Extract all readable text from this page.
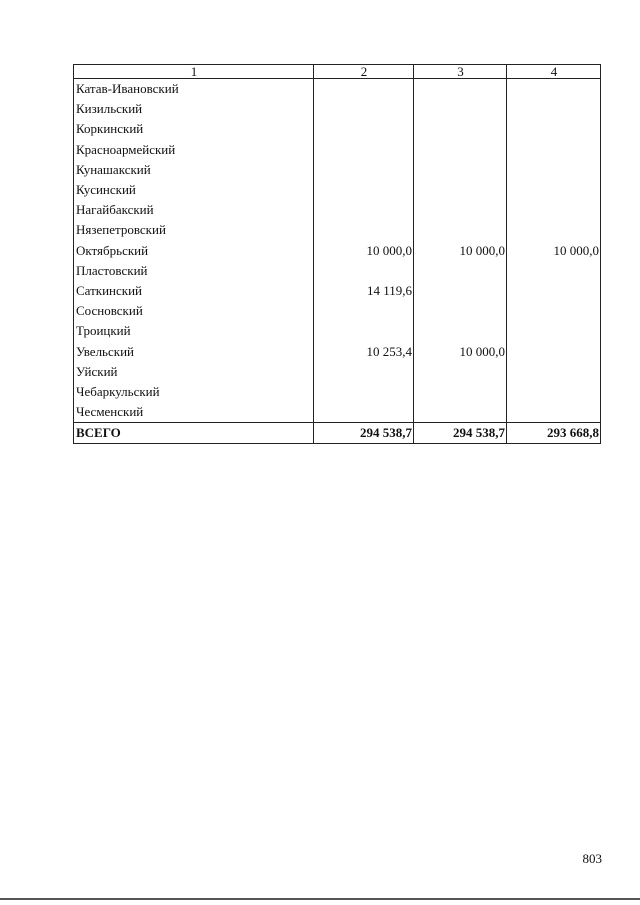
1	2	3	4
Катав-Ивановский			
Кизильский			
Коркинский			
Красноармейский			
Кунашакский			
Кусинский			
Нагайбакский			
Нязепетровский			
Октябрьский	10 000,0	10 000,0	10 000,0
Пластовский			
Саткинский	14 119,6		
Сосновский			
Троицкий			
Увельский	10 253,4	10 000,0	
Уйский			
Чебаркульский			
Чесменский			
ВСЕГО	294 538,7	294 538,7	293 668,8
803
